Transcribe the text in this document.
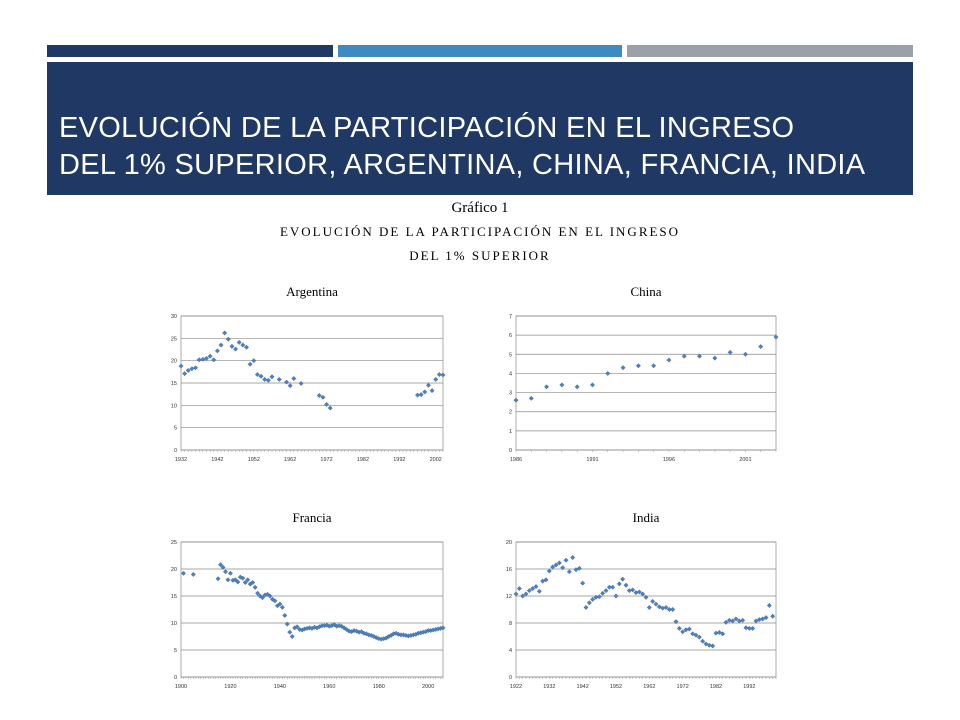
EVOLUCIÓN DE LA PARTICIPACIÓN EN EL INGRESO
DEL 1% SUPERIOR, ARGENTINA, CHINA, FRANCIA, INDIA
Gráfico 1
EVOLUCIÓN DE LA PARTICIPACIÓN EN EL INGRESO
DEL 1% SUPERIOR
Argentina
0
5
10
15
20
25
30
1932	1942	1952	1962	1972	1982	1992	2002
China
0
1
2
3
4
5
6
7
1986	1991	1996	2001
Francia
0
5
10
15
20
25
1900	1920	1940	1960	1980	2000
India
0
4
8
12
16
20
1922	1932	1942	1952	1962	1972	1982	1992
